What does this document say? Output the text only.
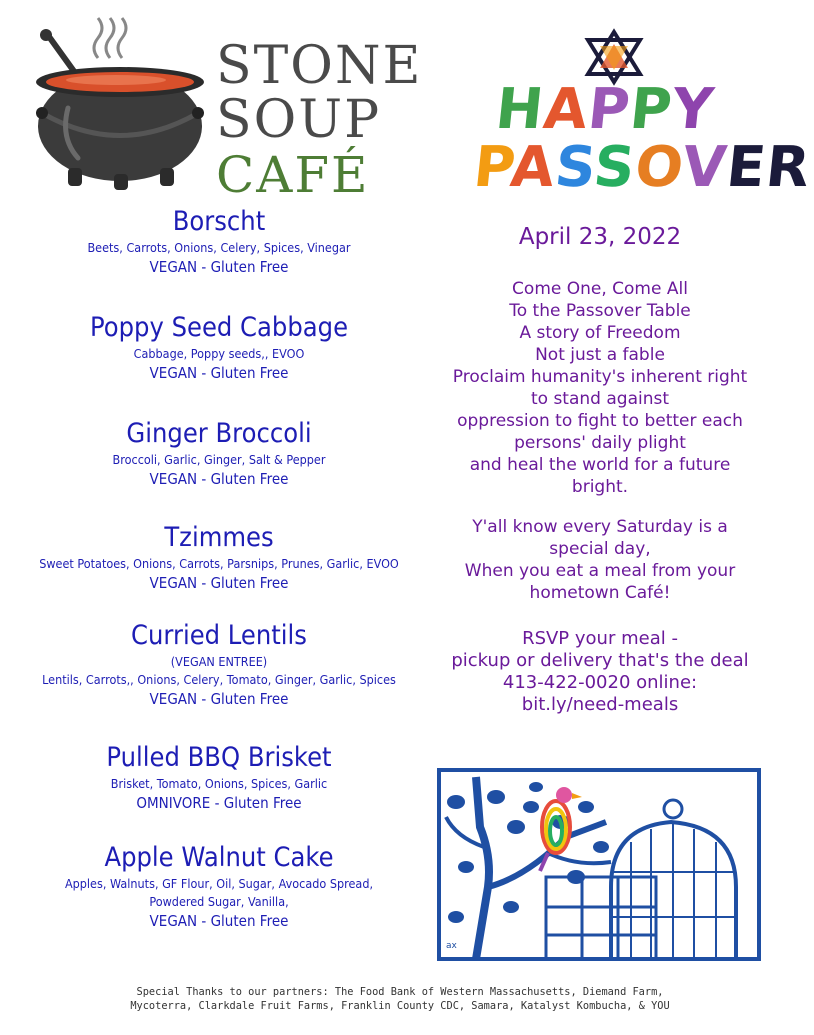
STONE
SOUP
CAFÉ
HAPPY
PASSOVER
Borscht
Beets, Carrots, Onions, Celery, Spices, Vinegar
VEGAN - Gluten Free
Poppy Seed Cabbage
Cabbage, Poppy seeds,, EVOO
VEGAN - Gluten Free
Ginger Broccoli
Broccoli, Garlic, Ginger, Salt & Pepper
VEGAN - Gluten Free
Tzimmes
Sweet Potatoes, Onions, Carrots, Parsnips, Prunes, Garlic, EVOO
VEGAN - Gluten Free
Curried Lentils
(VEGAN ENTREE)
Lentils, Carrots,, Onions, Celery, Tomato, Ginger, Garlic, Spices
VEGAN - Gluten Free
Pulled BBQ Brisket
Brisket, Tomato, Onions, Spices, Garlic
OMNIVORE - Gluten Free
Apple Walnut Cake
Apples, Walnuts, GF Flour, Oil, Sugar, Avocado Spread,
Powdered Sugar, Vanilla,
VEGAN - Gluten Free
April 23, 2022
Come One, Come All
To the Passover Table
A story of Freedom
Not just a fable
Proclaim humanity's inherent right
to stand against
oppression to fight to better each
persons' daily plight
and heal the world for a future
bright.
Y'all know every Saturday is a
special day,
When you eat a meal from your
hometown Café!
RSVP your meal -
pickup or delivery that's the deal
413-422-0020 online:
bit.ly/need-meals
ax
Special Thanks to our partners: The Food Bank of Western Massachusetts, Diemand Farm,
Mycoterra, Clarkdale Fruit Farms, Franklin County CDC, Samara, Katalyst Kombucha, & YOU
